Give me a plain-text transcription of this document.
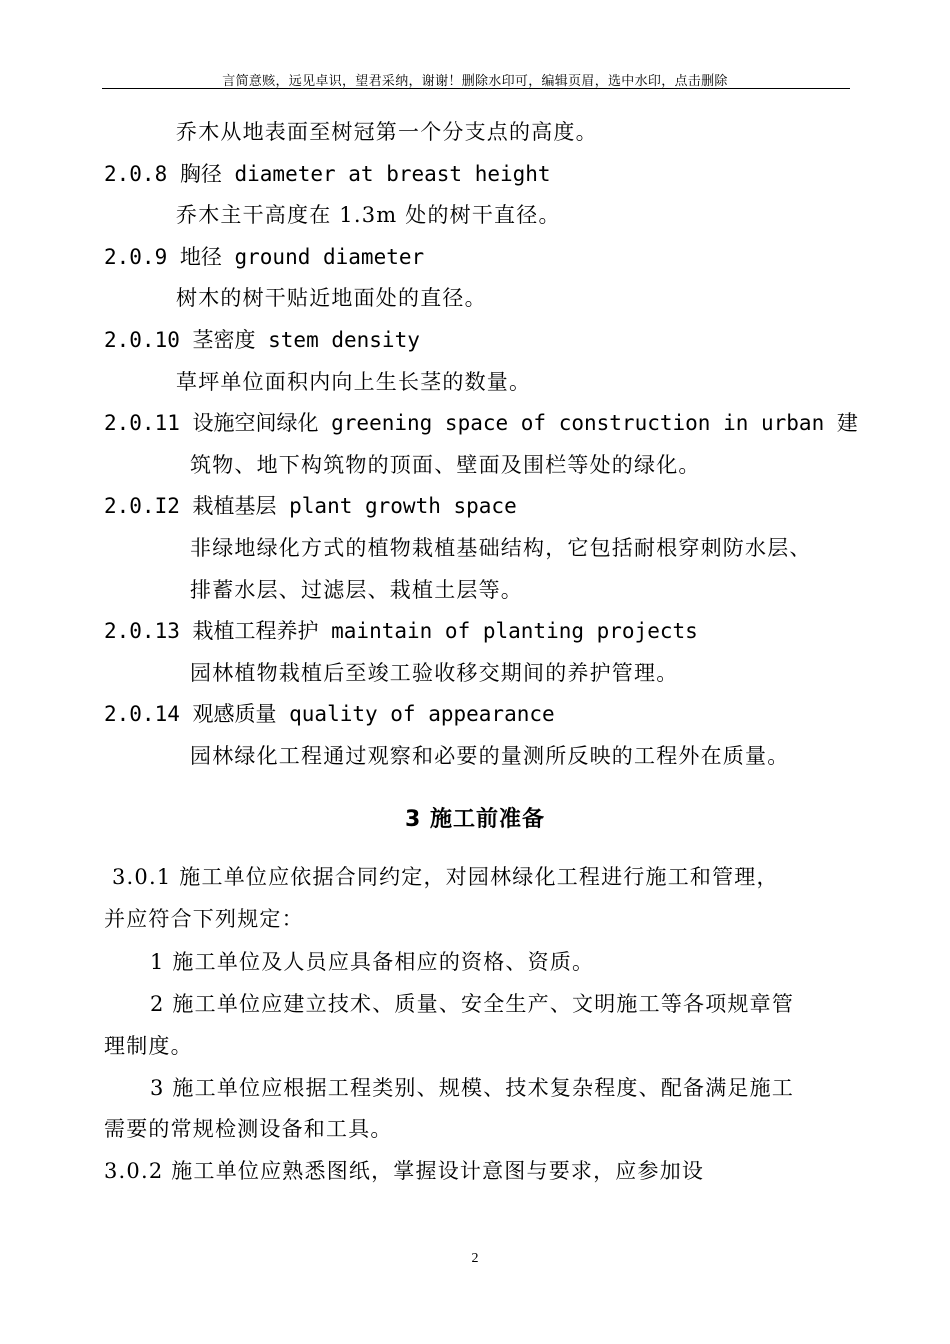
言简意赅，远见卓识，望君采纳，谢谢！删除水印可，编辑页眉，选中水印，点击删除
乔木从地表面至树冠第一个分支点的高度。
2.0.8 胸径 diameter at breast height
乔木主干高度在 1.3m 处的树干直径。
2.0.9 地径 ground diameter
树木的树干贴近地面处的直径。
2.0.10 茎密度 stem density
草坪单位面积内向上生长茎的数量。
2.0.11 设施空间绿化 greening space of construction in urban 建
筑物、地下构筑物的顶面、壁面及围栏等处的绿化。
2.0.I2 栽植基层 plant growth space
非绿地绿化方式的植物栽植基础结构，它包括耐根穿刺防水层、
排蓄水层、过滤层、栽植土层等。
2.0.13 栽植工程养护 maintain of planting projects
园林植物栽植后至竣工验收移交期间的养护管理。
2.0.14 观感质量 quality of appearance
园林绿化工程通过观察和必要的量测所反映的工程外在质量。
3 施工前准备
3.0.1 施工单位应依据合同约定，对园林绿化工程进行施工和管理，
并应符合下列规定：
1 施工单位及人员应具备相应的资格、资质。
2 施工单位应建立技术、质量、安全生产、文明施工等各项规章管
理制度。
3 施工单位应根据工程类别、规模、技术复杂程度、配备满足施工
需要的常规检测设备和工具。
3.0.2 施工单位应熟悉图纸，掌握设计意图与要求，应参加设
2
